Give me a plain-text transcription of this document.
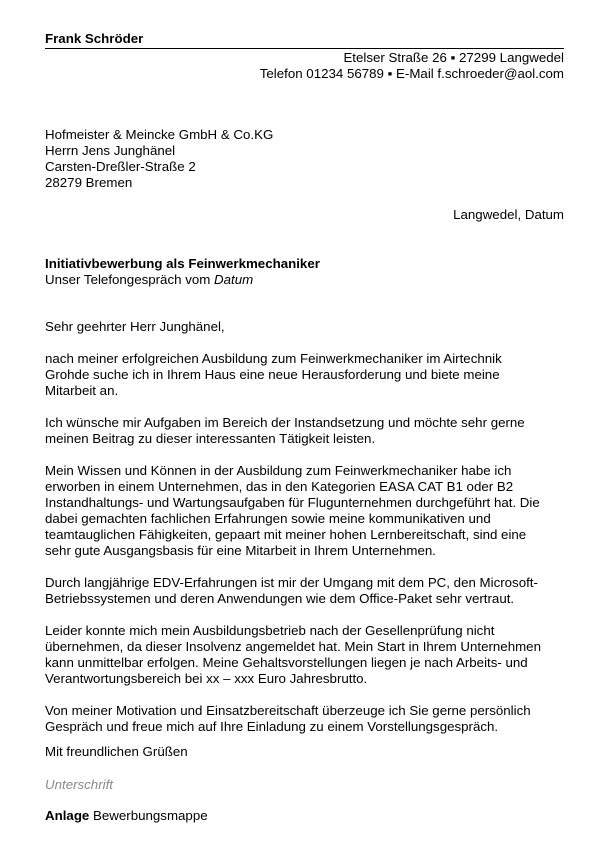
Frank Schröder
Etelser Straße 26 ▪ 27299 Langwedel
Telefon 01234 56789 ▪ E-Mail f.schroeder@aol.com
Hofmeister & Meincke GmbH & Co.KG
Herrn Jens Junghänel
Carsten-Dreßler-Straße 2
28279 Bremen
Langwedel, Datum
Initiativbewerbung als Feinwerkmechaniker
Unser Telefongespräch vom Datum

Sehr geehrter Herr Junghänel,

nach meiner erfolgreichen Ausbildung zum Feinwerkmechaniker im Airtechnik
Grohde suche ich in Ihrem Haus eine neue Herausforderung und biete meine
Mitarbeit an.

Ich wünsche mir Aufgaben im Bereich der Instandsetzung und möchte sehr gerne
meinen Beitrag zu dieser interessanten Tätigkeit leisten.

Mein Wissen und Können in der Ausbildung zum Feinwerkmechaniker habe ich
erworben in einem Unternehmen, das in den Kategorien EASA CAT B1 oder B2
Instandhaltungs- und Wartungsaufgaben für Flugunternehmen durchgeführt hat. Die
dabei gemachten fachlichen Erfahrungen sowie meine kommunikativen und
teamtauglichen Fähigkeiten, gepaart mit meiner hohen Lernbereitschaft, sind eine
sehr gute Ausgangsbasis für eine Mitarbeit in Ihrem Unternehmen.

Durch langjährige EDV-Erfahrungen ist mir der Umgang mit dem PC, den Microsoft-
Betriebssystemen und deren Anwendungen wie dem Office-Paket sehr vertraut.

Leider konnte mich mein Ausbildungsbetrieb nach der Gesellenprüfung nicht
übernehmen, da dieser Insolvenz angemeldet hat. Mein Start in Ihrem Unternehmen
kann unmittelbar erfolgen. Meine Gehaltsvorstellungen liegen je nach Arbeits- und
Verantwortungsbereich bei xx – xxx Euro Jahresbrutto.

Von meiner Motivation und Einsatzbereitschaft überzeuge ich Sie gerne persönlich
Gespräch und freue mich auf Ihre Einladung zu einem Vorstellungsgespräch.

Mit freundlichen Grüßen
Unterschrift
Anlage Bewerbungsmappe
